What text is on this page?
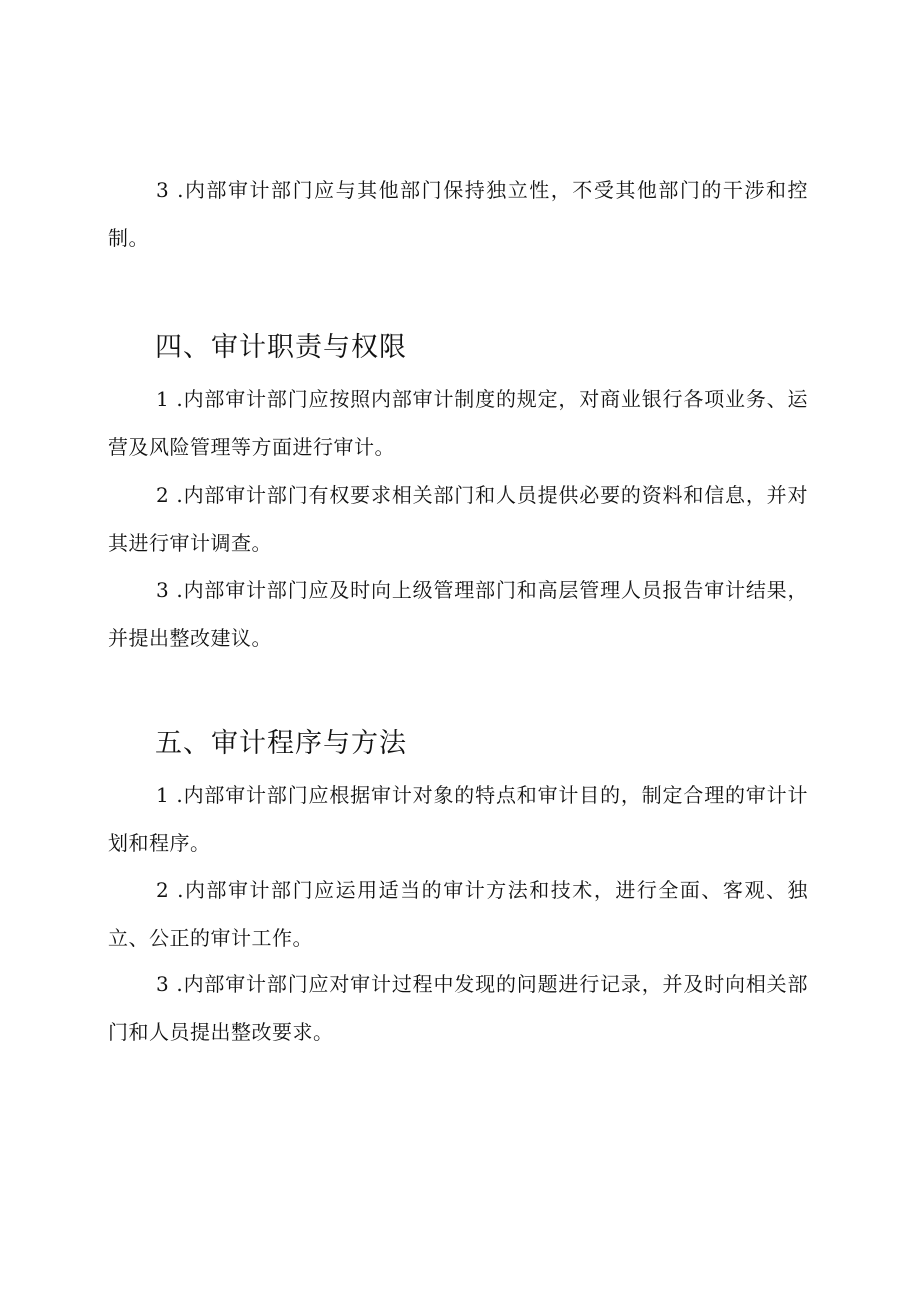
3 .内部审计部门应与其他部门保持独立性，不受其他部门的干涉和控制。

四、审计职责与权限

1 .内部审计部门应按照内部审计制度的规定，对商业银行各项业务、运营及风险管理等方面进行审计。

2 .内部审计部门有权要求相关部门和人员提供必要的资料和信息，并对其进行审计调查。

3 .内部审计部门应及时向上级管理部门和高层管理人员报告审计结果，并提出整改建议。

五、审计程序与方法

1 .内部审计部门应根据审计对象的特点和审计目的，制定合理的审计计划和程序。

2 .内部审计部门应运用适当的审计方法和技术，进行全面、客观、独立、公正的审计工作。

3 .内部审计部门应对审计过程中发现的问题进行记录，并及时向相关部门和人员提出整改要求。
